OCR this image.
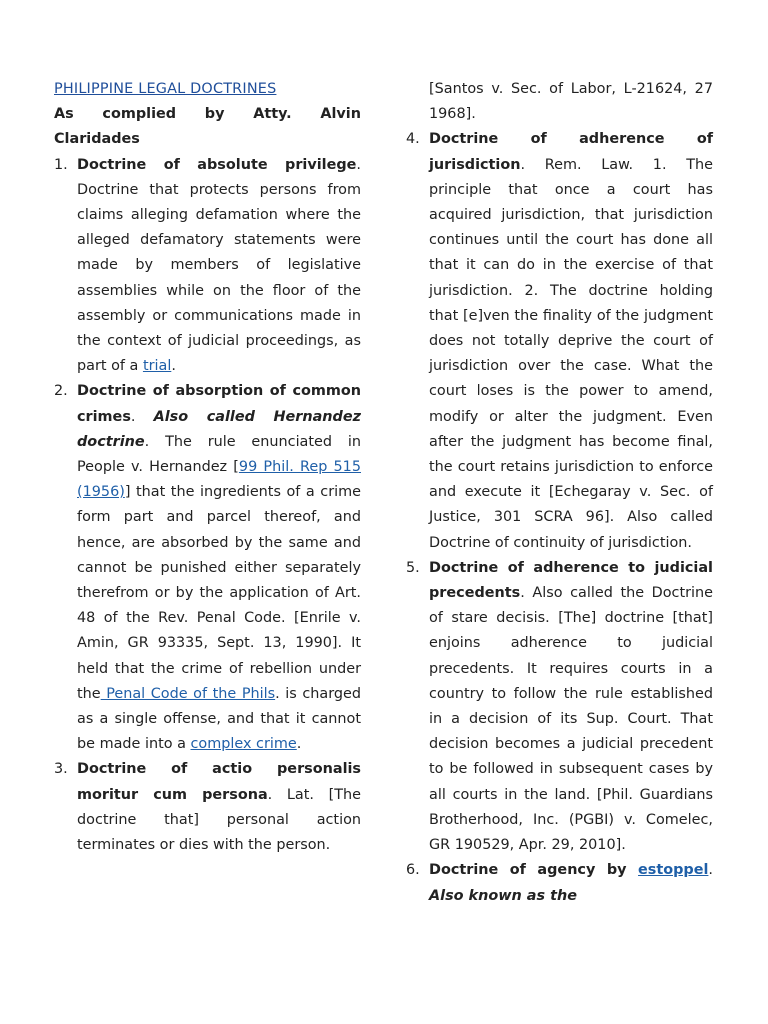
PHILIPPINE LEGAL DOCTRINES
As complied by Atty. Alvin
Claridades
1. Doctrine of absolute privilege. Doctrine that protects persons from claims alleging defamation where the alleged defamatory statements were made by members of legislative assemblies while on the floor of the assembly or communications made in the context of judicial proceedings, as part of a trial.
2. Doctrine of absorption of common crimes. Also called Hernandez doctrine. The rule enunciated in People v. Hernandez [99 Phil. Rep 515 (1956)] that the ingredients of a crime form part and parcel thereof, and hence, are absorbed by the same and cannot be punished either separately therefrom or by the application of Art. 48 of the Rev. Penal Code. [Enrile v. Amin, GR 93335, Sept. 13, 1990]. It held that the crime of rebellion under the Penal Code of the Phils. is charged as a single offense, and that it cannot be made into a complex crime.
3. Doctrine of actio personalis moritur cum persona. Lat. [The doctrine that] personal action terminates or dies with the person.
[Santos v. Sec. of Labor, L-21624, 27 1968].
4. Doctrine of adherence of jurisdiction. Rem. Law. 1. The principle that once a court has acquired jurisdiction, that jurisdiction continues until the court has done all that it can do in the exercise of that jurisdiction. 2. The doctrine holding that [e]ven the finality of the judgment does not totally deprive the court of jurisdiction over the case. What the court loses is the power to amend, modify or alter the judgment. Even after the judgment has become final, the court retains jurisdiction to enforce and execute it [Echegaray v. Sec. of Justice, 301 SCRA 96]. Also called Doctrine of continuity of jurisdiction.
5. Doctrine of adherence to judicial precedents. Also called the Doctrine of stare decisis. [The] doctrine [that] enjoins adherence to judicial precedents. It requires courts in a country to follow the rule established in a decision of its Sup. Court. That decision becomes a judicial precedent to be followed in subsequent cases by all courts in the land. [Phil. Guardians Brotherhood, Inc. (PGBI) v. Comelec, GR 190529, Apr. 29, 2010].
6. Doctrine of agency by estoppel. Also known as the
